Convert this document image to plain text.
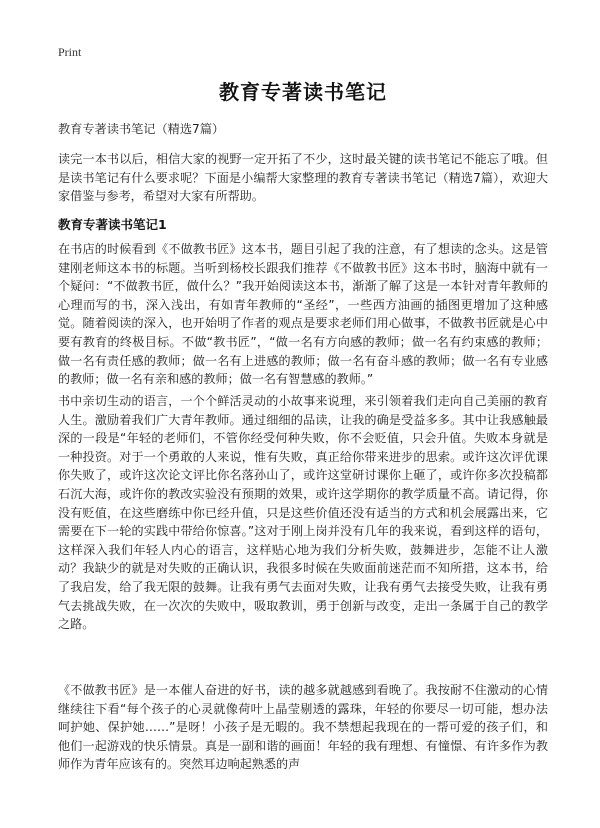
Print
教育专著读书笔记
教育专著读书笔记（精选7篇）
读完一本书以后，相信大家的视野一定开拓了不少，这时最关键的读书笔记不能忘了哦。但是读书笔记有什么要求呢？下面是小编帮大家整理的教育专著读书笔记（精选7篇），欢迎大家借鉴与参考，希望对大家有所帮助。
教育专著读书笔记1
在书店的时候看到《不做教书匠》这本书，题目引起了我的注意，有了想读的念头。这是管建刚老师这本书的标题。当听到杨校长跟我们推荐《不做教书匠》这本书时，脑海中就有一个疑问：“不做教书匠，做什么？”我开始阅读这本书，渐渐了解了这是一本针对青年教师的心理而写的书，深入浅出，有如青年教师的“圣经”，一些西方油画的插图更增加了这种感觉。随着阅读的深入，也开始明了作者的观点是要求老师们用心做事，不做教书匠就是心中要有教育的终极目标。不做“教书匠”，“做一名有方向感的教师；做一名有约束感的教师；做一名有责任感的教师；做一名有上进感的教师；做一名有奋斗感的教师；做一名有专业感的教师；做一名有亲和感的教师；做一名有智慧感的教师。”
书中亲切生动的语言，一个个鲜活灵动的小故事来说理，来引领着我们走向自己美丽的教育人生。激励着我们广大青年教师。通过细细的品读，让我的确是受益多多。其中让我感触最深的一段是“年轻的老师们，不管你经受何种失败，你不会贬值，只会升值。失败本身就是一种投资。对于一个勇敢的人来说，惟有失败，真正给你带来进步的思索。或许这次评优课你失败了，或许这次论文评比你名落孙山了，或许这堂研讨课你上砸了，或许你多次投稿都石沉大海，或许你的教改实验没有预期的效果，或许这学期你的教学质量不高。请记得，你没有贬值，在这些磨练中你已经升值，只是这些价值还没有适当的方式和机会展露出来，它需要在下一轮的实践中带给你惊喜。”这对于刚上岗并没有几年的我来说，看到这样的语句，这样深入我们年轻人内心的语言，这样贴心地为我们分析失败，鼓舞进步，怎能不让人激动？我缺少的就是对失败的正确认识，我很多时候在失败面前迷茫而不知所措，这本书，给了我启发，给了我无限的鼓舞。让我有勇气去面对失败，让我有勇气去接受失败，让我有勇气去挑战失败，在一次次的失败中，吸取教训，勇于创新与改变，走出一条属于自己的教学之路。
《不做教书匠》是一本催人奋进的好书，读的越多就越感到看晚了。我按耐不住激动的心情继续往下看“每个孩子的心灵就像荷叶上晶莹剔透的露珠，年轻的你要尽一切可能，想办法呵护她、保护她……”是呀！小孩子是无暇的。我不禁想起我现在的一帮可爱的孩子们，和他们一起游戏的快乐情景。真是一副和谐的画面！年轻的我有理想、有憧憬、有许多作为教师作为青年应该有的。突然耳边响起熟悉的声
